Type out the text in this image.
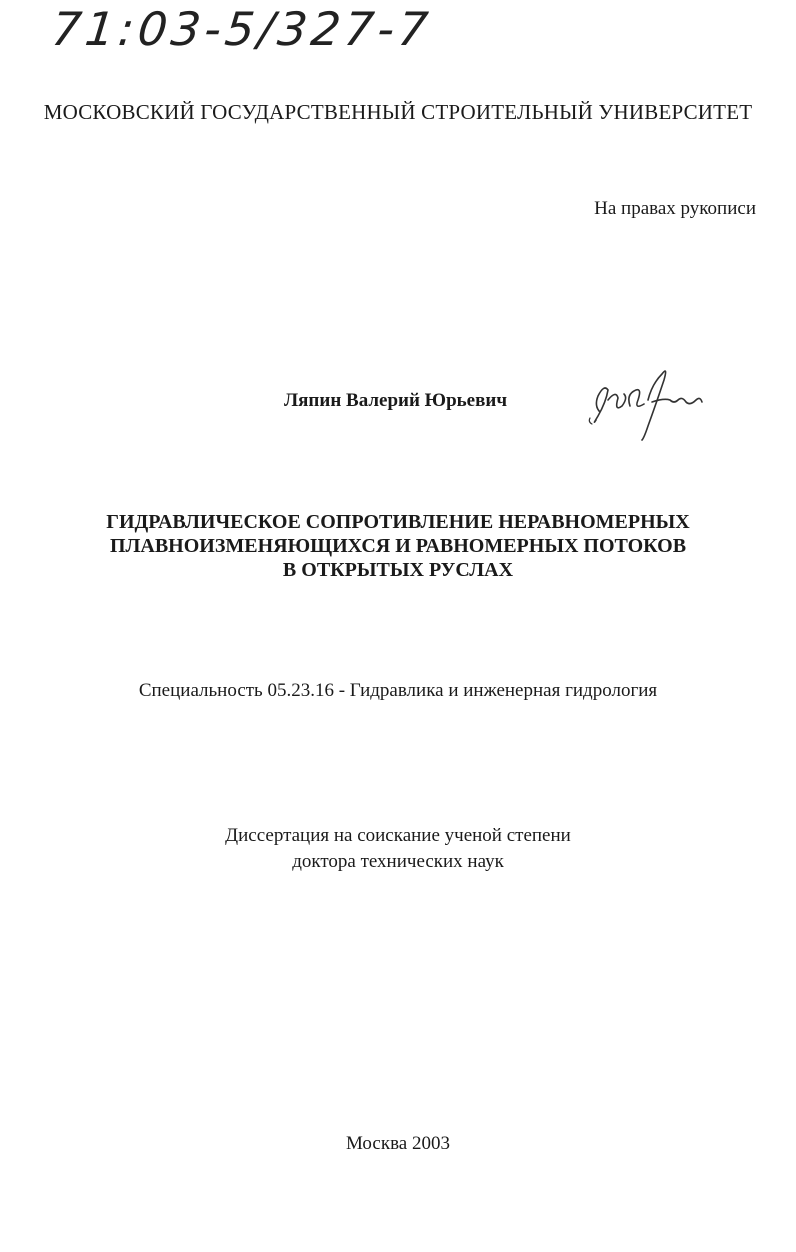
71:03-5/327-7
МОСКОВСКИЙ ГОСУДАРСТВЕННЫЙ СТРОИТЕЛЬНЫЙ УНИВЕРСИТЕТ
На правах рукописи
Ляпин Валерий Юрьевич
ГИДРАВЛИЧЕСКОЕ СОПРОТИВЛЕНИЕ НЕРАВНОМЕРНЫХ
ПЛАВНОИЗМЕНЯЮЩИХСЯ И РАВНОМЕРНЫХ ПОТОКОВ
В ОТКРЫТЫХ РУСЛАХ
Специальность 05.23.16 - Гидравлика и инженерная гидрология
Диссертация на соискание ученой степени
доктора технических наук
Москва 2003
